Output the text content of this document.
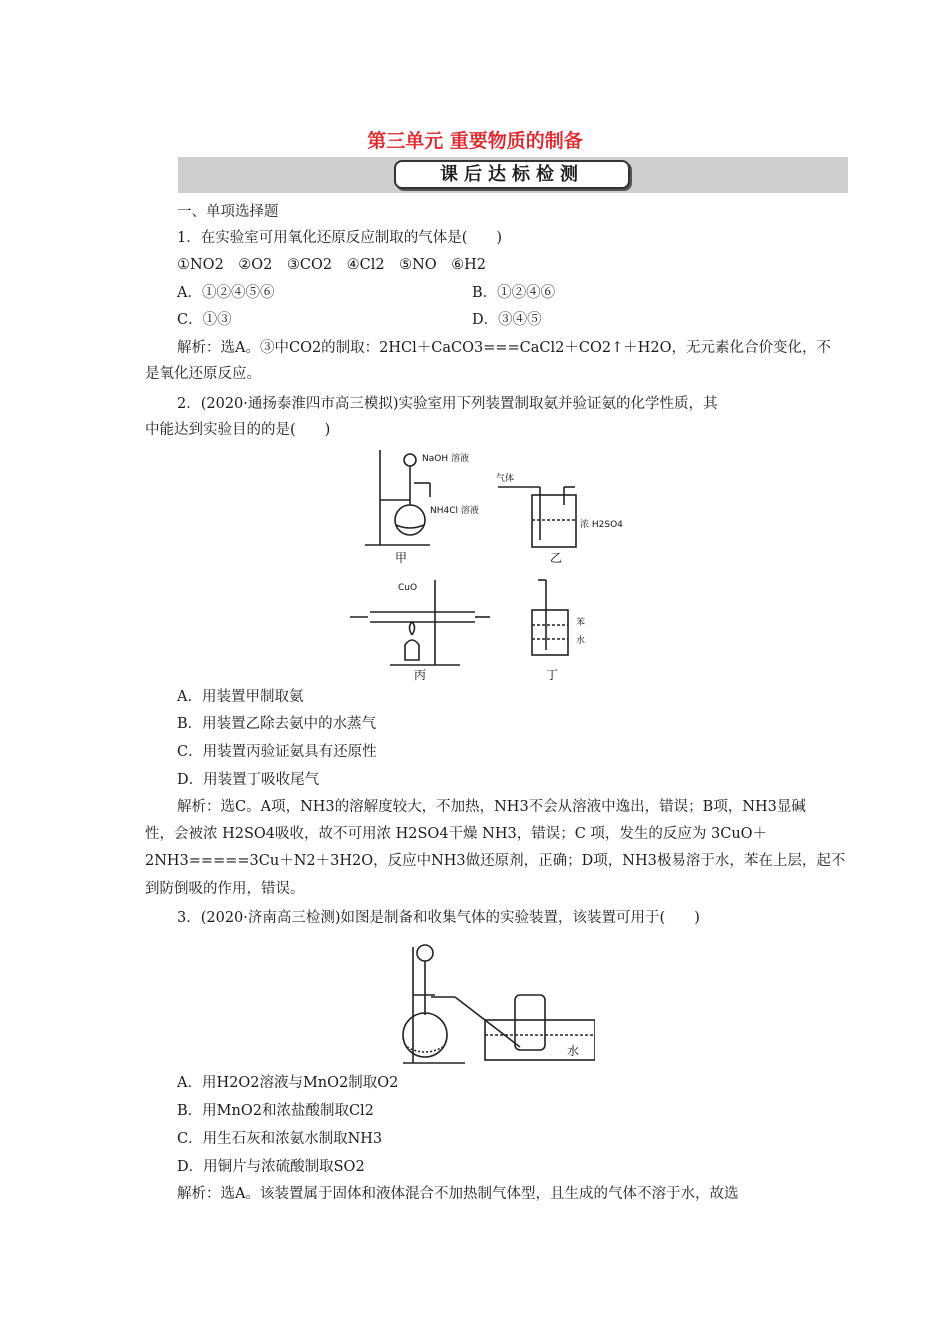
第三单元 重要物质的制备
课后达标检测
一、单项选择题
1．在实验室可用氧化还原反应制取的气体是(　　)
①NO2　②O2　③CO2　④Cl2　⑤NO　⑥H2
A．①②④⑤⑥	B．①②④⑥
C．①③	D．③④⑤
解析：选A。③中CO2的制取：2HCl＋CaCO3===CaCl2＋CO2↑＋H2O，无元素化合价变化，不
是氧化还原反应。
2．(2020·通扬泰淮四市高三模拟)实验室用下列装置制取氨并验证氨的化学性质，其
中能达到实验目的的是(　　)
NaOH 溶液
NH4Cl 溶液
气体
浓 H2SO4
CuO
苯
水
甲	乙
丙	丁
A．用装置甲制取氨
B．用装置乙除去氨中的水蒸气
C．用装置丙验证氨具有还原性
D．用装置丁吸收尾气
解析：选C。A项，NH3的溶解度较大，不加热，NH3不会从溶液中逸出，错误；B项，NH3显碱
性，会被浓 H2SO4吸收，故不可用浓 H2SO4干燥 NH3，错误；C 项，发生的反应为 3CuO＋
2NH3=====3Cu＋N2＋3H2O，反应中NH3做还原剂，正确；D项，NH3极易溶于水，苯在上层，起不
到防倒吸的作用，错误。
3．(2020·济南高三检测)如图是制备和收集气体的实验装置，该装置可用于(　　)
水
A．用H2O2溶液与MnO2制取O2
B．用MnO2和浓盐酸制取Cl2
C．用生石灰和浓氨水制取NH3
D．用铜片与浓硫酸制取SO2
解析：选A。该装置属于固体和液体混合不加热制气体型，且生成的气体不溶于水，故选
